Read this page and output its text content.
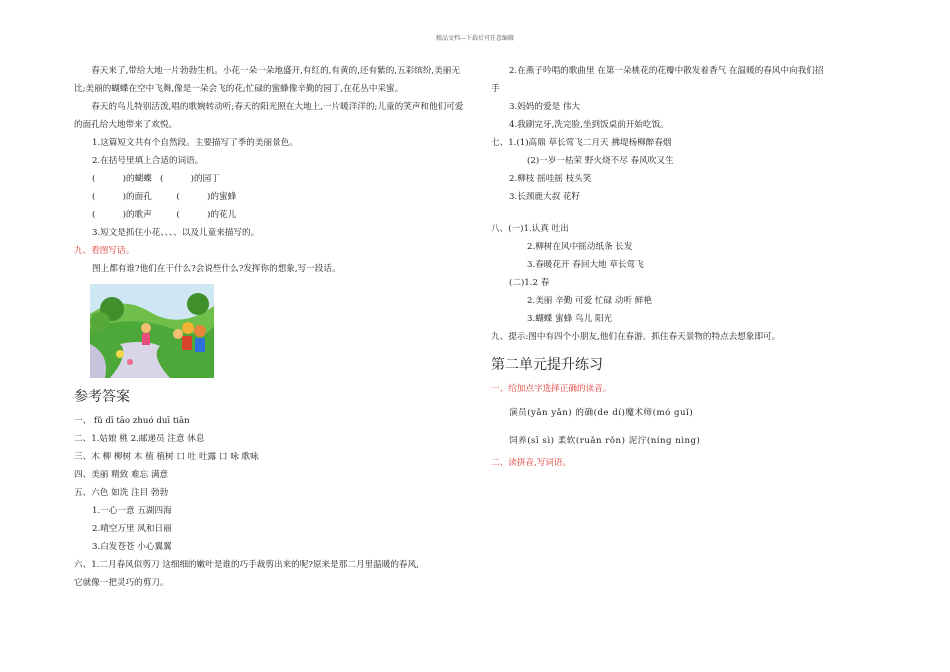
精品文档---下载后可任意编辑

春天来了,带给大地一片勃勃生机。小花一朵一朵地盛开,有红的,有黄的,还有紫的,五彩缤纷,美丽无比;美丽的蝴蝶在空中飞舞,像是一朵会飞的花;忙碌的蜜蜂像辛勤的园丁,在花丛中采蜜。

春天的鸟儿特别活泼,唱的歌婉转动听;春天的阳光照在大地上,一片暖洋洋的;儿童的笑声和他们可爱的面孔给大地带来了欢悦。

1.这篇短文共有个自然段。主要描写了季的美丽景色。

2.在括号里填上合适的词语。

(          )的蝴蝶   (          )的园丁

(          )的面孔         (          )的蜜蜂

(          )的歌声         (          )的花儿

3.短文是抓住小花、、、、以及儿童来描写的。

九、看图写话。

图上都有谁?他们在干什么?会说些什么?发挥你的想象,写一段话。

参考答案

一、 fǔ dī tāo zhuó duī tiān

二、1.姑娘 桃 2.邮递员 注意 休息

三、木 柳 柳树 木 植 植树 口 吐 吐露 口 咏 歌咏

四、美丽 精致 难忘 满意

五、六色 如洗 注目 勃勃

1.一心一意 五湖四海

2.晴空万里 风和日丽

3.白发苍苍 小心翼翼

六、1.二月春风似剪刀 这细细的嫩叶是谁的巧手裁剪出来的呢?原来是那二月里温暖的春风,

它就像一把灵巧的剪刀。

2.在燕子吟唱的歌曲里 在第一朵桃花的花瓣中散发着香气 在温暖的春风中向我们招

手

3.妈妈的爱是 伟大

4.我刷完牙,洗完脸,坐到饭桌前开始吃饭。

七、1.(1)高鼎 草长莺飞二月天 拂堤杨柳醉春烟

(2)一岁一枯荣 野火烧不尽 春风吹又生

2.柳枝 摇哇摇 枝头笑

3.长颈鹿大叔 花籽

八、(一)1.认真 吐出

2.柳树在风中摇动纸条 长发

3.春暖花开 春回大地 草长莺飞

(二)1.2 春

2.美丽 辛勤 可爱 忙碌 动听 鲜艳

3.蝴蝶 蜜蜂 鸟儿 阳光

九、提示:图中有四个小朋友,他们在春游。抓住春天景物的特点去想象即可。

第二单元提升练习

一、给加点字选择正确的读音。

演员(yǎn yǎn) 的确(de dí)魔术师(mó guǐ)

饲养(sī sì) 柔软(ruǎn rǒn) 泥泞(níng nìng)

二、读拼音,写词语。
